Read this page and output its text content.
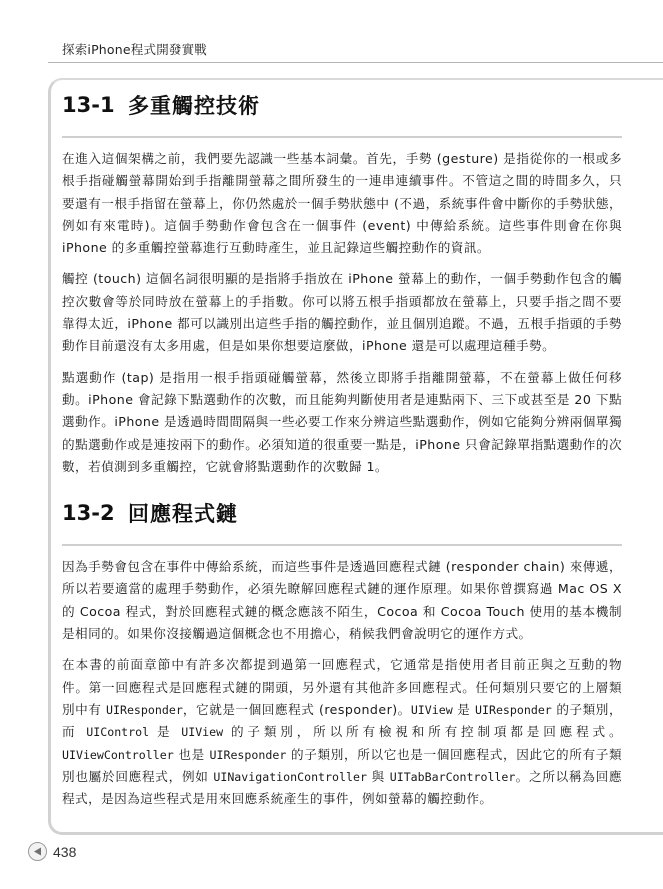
探索iPhone程式開發實戰
13-1 多重觸控技術

在進入這個架構之前，我們要先認識一些基本詞彙。首先，手勢 (gesture) 是指從你的一根或多根手指碰觸螢幕開始到手指離開螢幕之間所發生的一連串連續事件。不管這之間的時間多久，只要還有一根手指留在螢幕上，你仍然處於一個手勢狀態中 (不過，系統事件會中斷你的手勢狀態，例如有來電時)。這個手勢動作會包含在一個事件 (event) 中傳給系統。這些事件則會在你與 iPhone 的多重觸控螢幕進行互動時產生，並且記錄這些觸控動作的資訊。

觸控 (touch) 這個名詞很明顯的是指將手指放在 iPhone 螢幕上的動作，一個手勢動作包含的觸控次數會等於同時放在螢幕上的手指數。你可以將五根手指頭都放在螢幕上，只要手指之間不要靠得太近，iPhone 都可以識別出這些手指的觸控動作，並且個別追蹤。不過，五根手指頭的手勢動作目前還沒有太多用處，但是如果你想要這麼做，iPhone 還是可以處理這種手勢。

點選動作 (tap) 是指用一根手指頭碰觸螢幕，然後立即將手指離開螢幕，不在螢幕上做任何移動。iPhone 會記錄下點選動作的次數，而且能夠判斷使用者是連點兩下、三下或甚至是 20 下點選動作。iPhone 是透過時間間隔與一些必要工作來分辨這些點選動作，例如它能夠分辨兩個單獨的點選動作或是連按兩下的動作。必須知道的很重要一點是，iPhone 只會記錄單指點選動作的次數，若偵測到多重觸控，它就會將點選動作的次數歸 1。

13-2 回應程式鏈

因為手勢會包含在事件中傳給系統，而這些事件是透過回應程式鏈 (responder chain) 來傳遞，所以若要適當的處理手勢動作，必須先瞭解回應程式鏈的運作原理。如果你曾撰寫過 Mac OS X 的 Cocoa 程式，對於回應程式鏈的概念應該不陌生，Cocoa 和 Cocoa Touch 使用的基本機制是相同的。如果你沒接觸過這個概念也不用擔心，稍候我們會說明它的運作方式。

在本書的前面章節中有許多次都提到過第一回應程式，它通常是指使用者目前正與之互動的物件。第一回應程式是回應程式鏈的開頭，另外還有其他許多回應程式。任何類別只要它的上層類別中有 UIResponder，它就是一個回應程式 (responder)。UIView 是 UIResponder 的子類別，而 UIControl 是 UIView 的子類別，所以所有檢視和所有控制項都是回應程式。UIViewController 也是 UIResponder 的子類別，所以它也是一個回應程式，因此它的所有子類別也屬於回應程式，例如 UINavigationController 與 UITabBarController。之所以稱為回應程式，是因為這些程式是用來回應系統產生的事件，例如螢幕的觸控動作。

438
